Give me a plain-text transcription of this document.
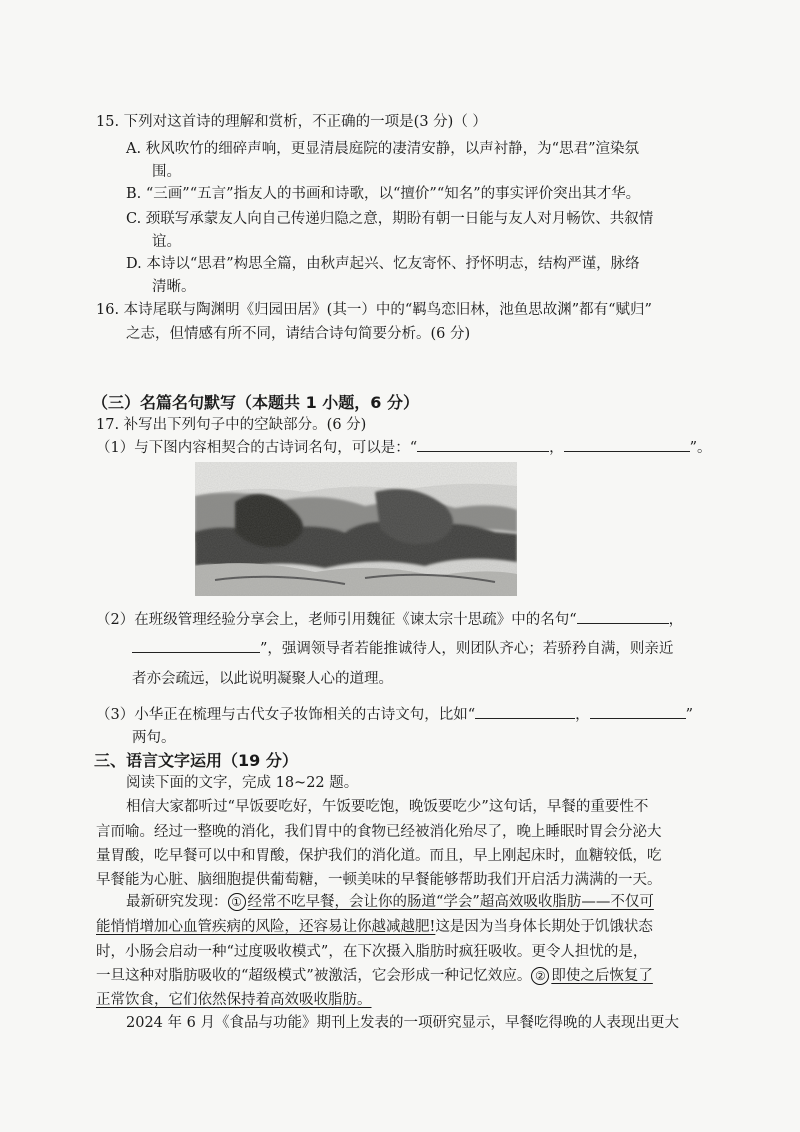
15. 下列对这首诗的理解和赏析，不正确的一项是(3 分)（ ）
A. 秋风吹竹的细碎声响，更显清晨庭院的凄清安静，以声衬静，为“思君”渲染氛
围。
B. “三画”“五言”指友人的书画和诗歌，以“擅价”“知名”的事实评价突出其才华。
C. 颈联写承蒙友人向自己传递归隐之意，期盼有朝一日能与友人对月畅饮、共叙情
谊。
D. 本诗以“思君”构思全篇，由秋声起兴、忆友寄怀、抒怀明志，结构严谨，脉络
清晰。
16. 本诗尾联与陶渊明《归园田居》(其一）中的“羁鸟恋旧林，池鱼思故渊”都有“赋归”
之志，但情感有所不同，请结合诗句简要分析。(6 分)
（三）名篇名句默写（本题共 1 小题，6 分）
17. 补写出下列句子中的空缺部分。(6 分)
（1）与下图内容相契合的古诗词名句，可以是：“	，	”。
（2）在班级管理经验分享会上，老师引用魏征《谏太宗十思疏》中的名句“	，
”，强调领导者若能推诚待人，则团队齐心；若骄矜自满，则亲近
者亦会疏远，以此说明凝聚人心的道理。
（3）小华正在梳理与古代女子妆饰相关的古诗文句，比如“	，	”
两句。
三、语言文字运用（19 分）
阅读下面的文字，完成 18~22 题。
相信大家都听过“早饭要吃好，午饭要吃饱，晚饭要吃少”这句话，早餐的重要性不
言而喻。经过一整晚的消化，我们胃中的食物已经被消化殆尽了，晚上睡眠时胃会分泌大
量胃酸，吃早餐可以中和胃酸，保护我们的消化道。而且，早上刚起床时，血糖较低，吃
早餐能为心脏、脑细胞提供葡萄糖，一顿美味的早餐能够帮助我们开启活力满满的一天。
最新研究发现： ① 经常不吃早餐，会让你的肠道“学会”超高效吸收脂肪——不仅可
能悄悄增加心血管疾病的风险，还容易让你越减越肥!这是因为当身体长期处于饥饿状态
时，小肠会启动一种“过度吸收模式”，在下次摄入脂肪时疯狂吸收。更令人担忧的是，
一旦这种对脂肪吸收的“超级模式”被激活，它会形成一种记忆效应。 ② 即使之后恢复了
正常饮食，它们依然保持着高效吸收脂肪。
2024 年 6 月《食品与功能》期刊上发表的一项研究显示，早餐吃得晚的人表现出更大
